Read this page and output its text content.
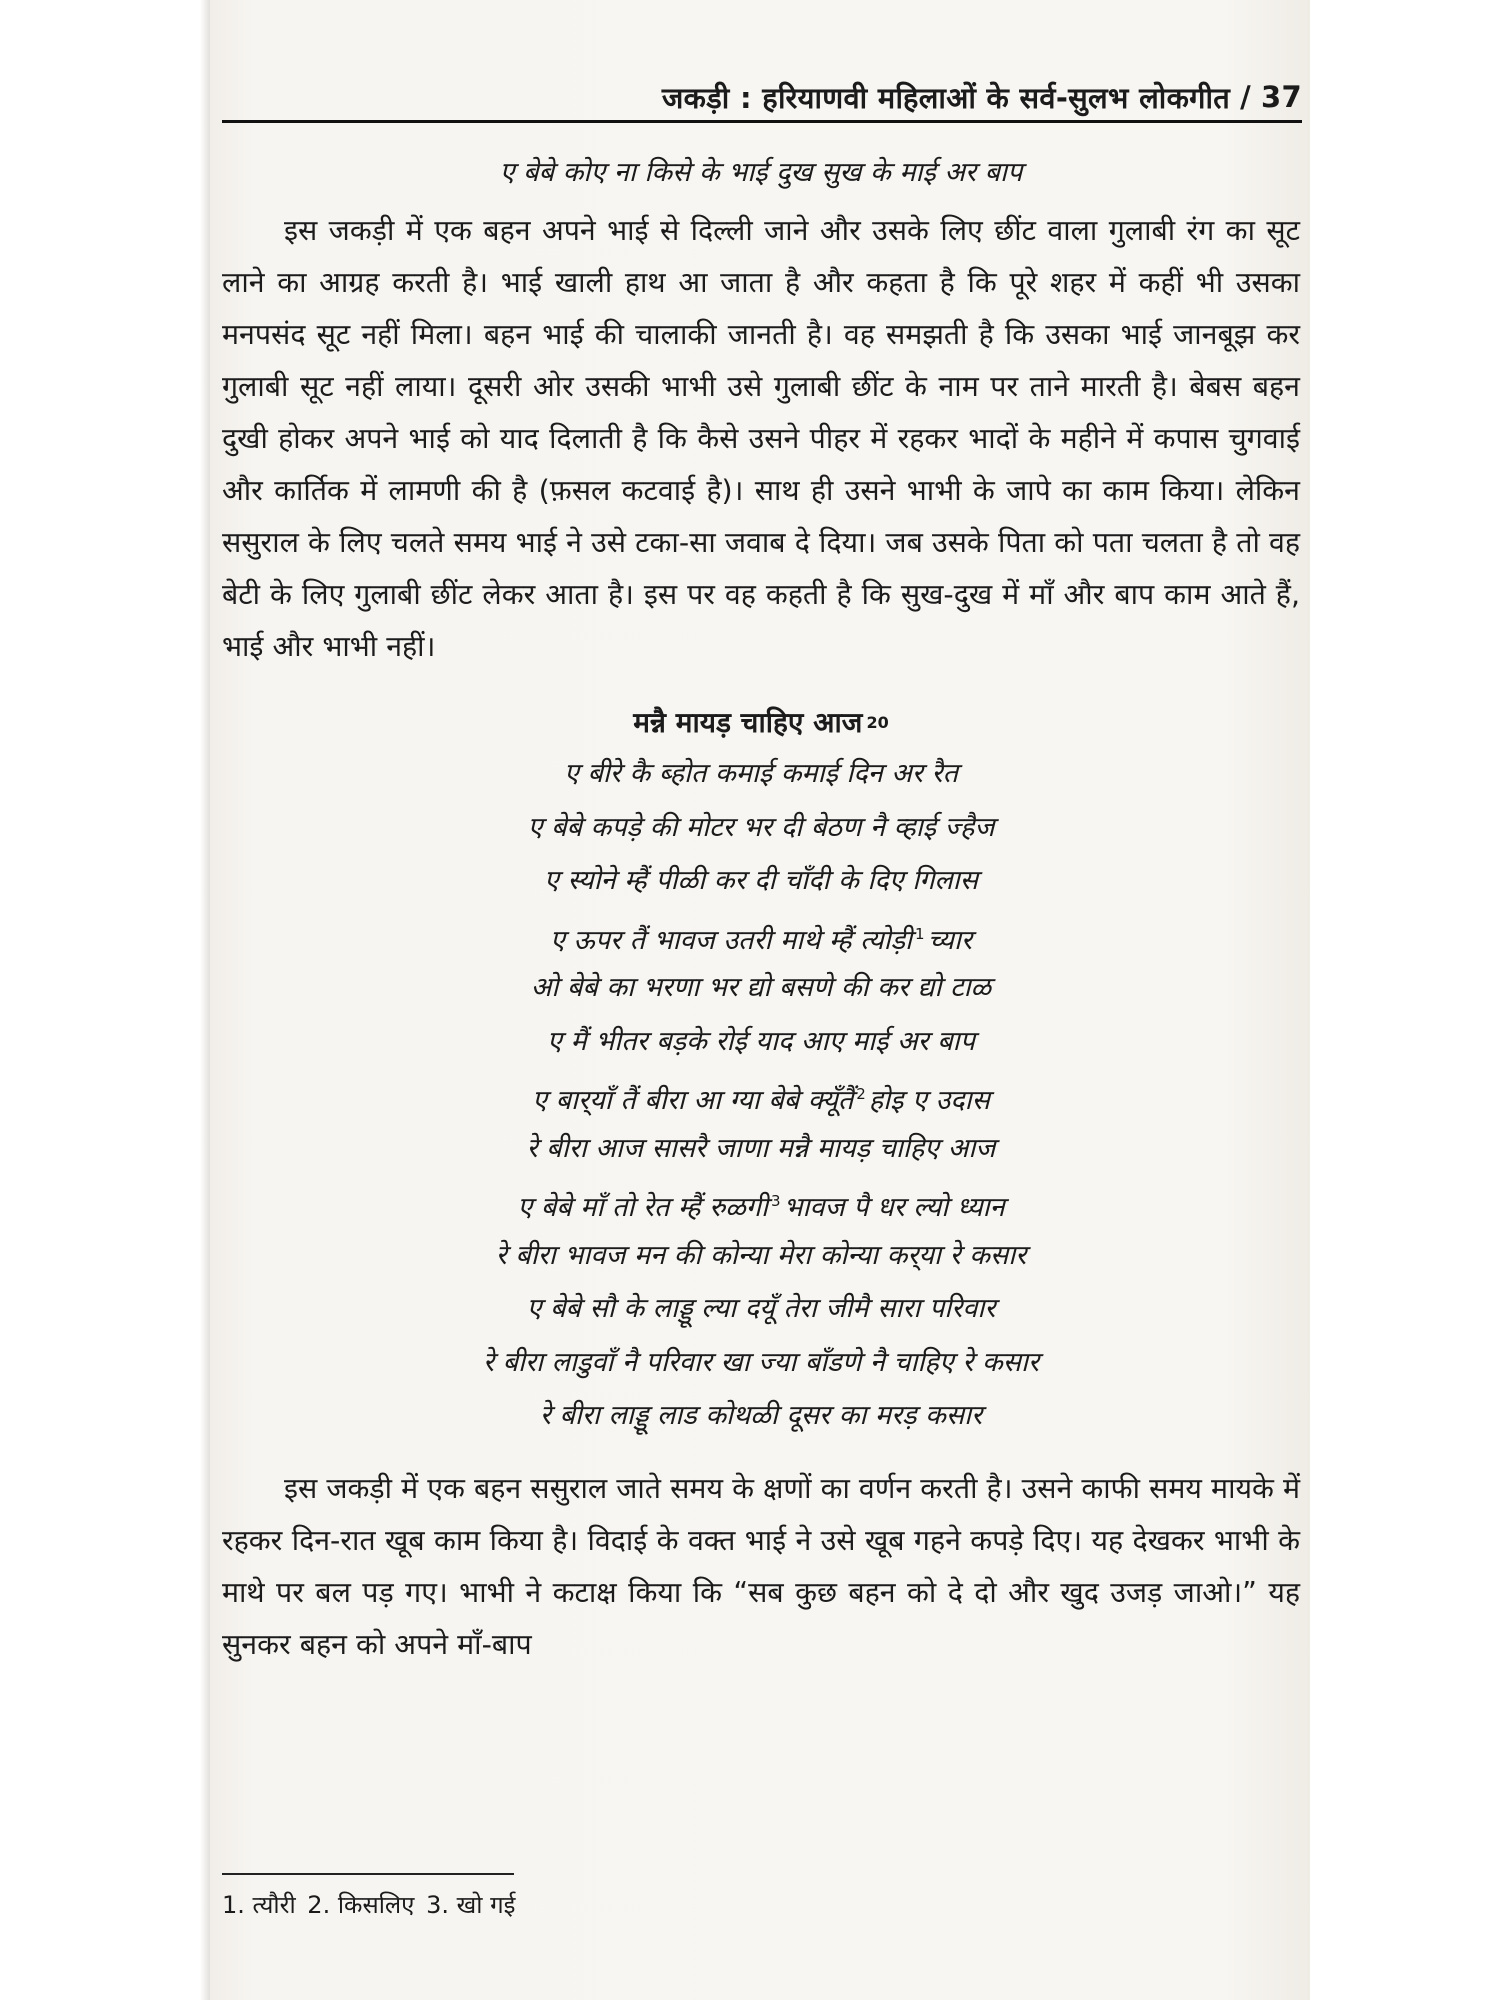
जकड़ी : हरियाणवी महिलाओं के सर्व-सुलभ लोकगीत / 37
ए बेबे कोए ना किसे के भाई दुख सुख के माई अर बाप

इस जकड़ी में एक बहन अपने भाई से दिल्ली जाने और उसके लिए छींट वाला गुलाबी रंग का सूट लाने का आग्रह करती है। भाई खाली हाथ आ जाता है और कहता है कि पूरे शहर में कहीं भी उसका मनपसंद सूट नहीं मिला। बहन भाई की चालाकी जानती है। वह समझती है कि उसका भाई जानबूझ कर गुलाबी सूट नहीं लाया। दूसरी ओर उसकी भाभी उसे गुलाबी छींट के नाम पर ताने मारती है। बेबस बहन दुखी होकर अपने भाई को याद दिलाती है कि कैसे उसने पीहर में रहकर भादों के महीने में कपास चुगवाई और कार्तिक में लामणी की है (फ़सल कटवाई है)। साथ ही उसने भाभी के जापे का काम किया। लेकिन ससुराल के लिए चलते समय भाई ने उसे टका-सा जवाब दे दिया। जब उसके पिता को पता चलता है तो वह बेटी के लिए गुलाबी छींट लेकर आता है। इस पर वह कहती है कि सुख-दुख में माँ और बाप काम आते हैं, भाई और भाभी नहीं।

मन्नै मायड़ चाहिए आज $^{20}$
ए बीरे कै ब्होत कमाई कमाई दिन अर रैत
ए बेबे कपड़े की मोटर भर दी बेठण नै व्हाई ज्हैज
ए स्योने म्हैं पीळी कर दी चाँदी के दिए गिलास
ए ऊपर तैं भावज उतरी माथे म्हैं त्योड़ी $^1$ च्यार
ओ बेबे का भरणा भर द्यो बसणे की कर द्यो टाळ
ए मैं भीतर बड़के रोई याद आए माई अर बाप
ए बार्‌याँ तैं बीरा आ ग्या बेबे क्यूँतैं $^2$ होइ ए उदास
रे बीरा आज सासरै जाणा मन्नै मायड़ चाहिए आज
ए बेबे माँ तो रेत म्हैं रुळगी $^3$ भावज पै धर ल्यो ध्यान
रे बीरा भावज मन की कोन्या मेरा कोन्या कर्‌या रे कसार
ए बेबे सौ के लाड्डू ल्या दयूँ तेरा जीमै सारा परिवार
रे बीरा लाडुवाँ नै परिवार खा ज्या बाँडणे नै चाहिए रे कसार
रे बीरा लाड्डू लाड कोथळी दूसर का मरड़ कसार

इस जकड़ी में एक बहन ससुराल जाते समय के क्षणों का वर्णन करती है। उसने काफी समय मायके में रहकर दिन-रात खूब काम किया है। विदाई के वक्त भाई ने उसे खूब गहने कपड़े दिए। यह देखकर भाभी के माथे पर बल पड़ गए। भाभी ने कटाक्ष किया कि “सब कुछ बहन को दे दो और खुद उजड़ जाओ।” यह सुनकर बहन को अपने माँ-बाप

1. त्यौरी 2. किसलिए 3. खो गई
